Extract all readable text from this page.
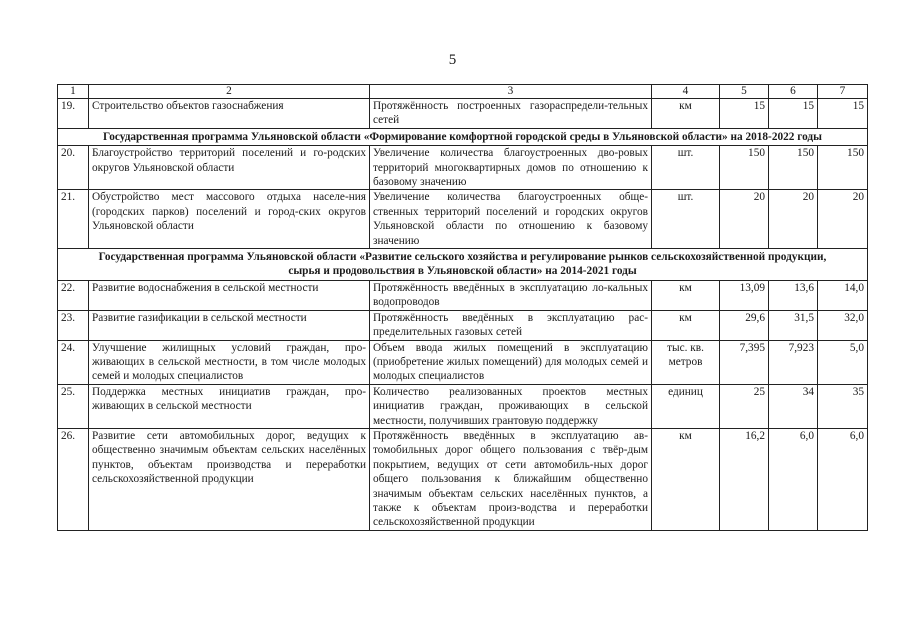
5
1	2	3	4	5	6	7
19.	Строительство объектов газоснабжения	Протяжённость построенных газораспредели-тельных сетей	км	15	15	15
Государственная программа Ульяновской области «Формирование комфортной городской среды в Ульяновской области» на 2018-2022 годы						
20.	Благоустройство территорий поселений и го-родских округов Ульяновской области	Увеличение количества благоустроенных дво-ровых территорий многоквартирных домов по отношению к базовому значению	шт.	150	150	150
21.	Обустройство мест массового отдыха населе-ния (городских парков) поселений и город-ских округов Ульяновской области	Увеличение количества благоустроенных обще-ственных территорий поселений и городских округов Ульяновской области по отношению к базовому значению	шт.	20	20	20
Государственная программа Ульяновской области «Развитие сельского хозяйства и регулирование рынков сельскохозяйственной продукции, сырья и продовольствия в Ульяновской области» на 2014-2021 годы						
22.	Развитие водоснабжения в сельской местности	Протяжённость введённых в эксплуатацию ло-кальных водопроводов	км	13,09	13,6	14,0
23.	Развитие газификации в сельской местности	Протяжённость введённых в эксплуатацию рас-пределительных газовых сетей	км	29,6	31,5	32,0
24.	Улучшение жилищных условий граждан, про-живающих в сельской местности, в том числе молодых семей и молодых специалистов	Объем ввода жилых помещений в эксплуатацию (приобретение жилых помещений) для молодых семей и молодых специалистов	тыс. кв. метров	7,395	7,923	5,0
25.	Поддержка местных инициатив граждан, про-живающих в сельской местности	Количество реализованных проектов местных инициатив граждан, проживающих в сельской местности, получивших грантовую поддержку	единиц	25	34	35
26.	Развитие сети автомобильных дорог, ведущих к общественно значимым объектам сельских населённых пунктов, объектам производства и переработки сельскохозяйственной продукции	Протяжённость введённых в эксплуатацию ав-томобильных дорог общего пользования с твёр-дым покрытием, ведущих от сети автомобиль-ных дорог общего пользования к ближайшим общественно значимым объектам сельских населённых пунктов, а также к объектам произ-водства и переработки сельскохозяйственной продукции	км	16,2	6,0	6,0
